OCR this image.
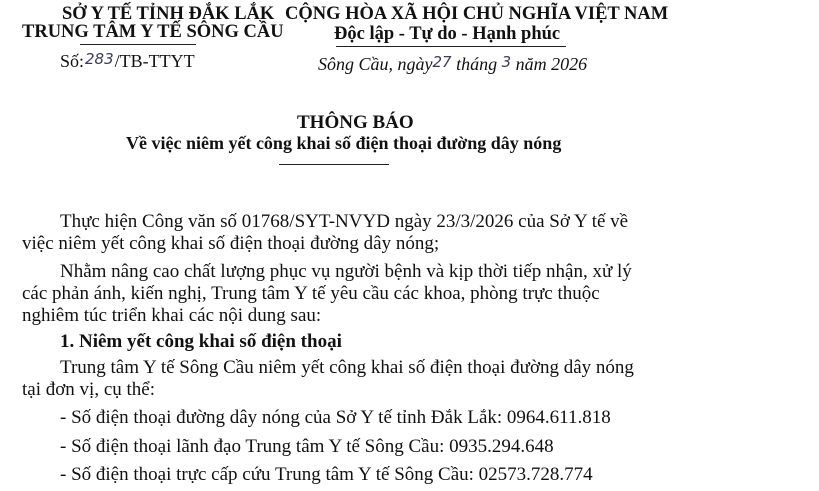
SỞ Y TẾ TỈNH ĐẮK LẮK
TRUNG TÂM Y TẾ SÔNG CẦU
Số:283/TB-TTYT
CỘNG HÒA XÃ HỘI CHỦ NGHĨA VIỆT NAM
Độc lập - Tự do - Hạnh phúc
Sông Cầu, ngày27 tháng 3 năm 2026
THÔNG BÁO
Về việc niêm yết công khai số điện thoại đường dây nóng
Thực hiện Công văn số 01768/SYT-NVYD ngày 23/3/2026 của Sở Y tế về
việc niêm yết công khai số điện thoại đường dây nóng;
Nhằm nâng cao chất lượng phục vụ người bệnh và kịp thời tiếp nhận, xử lý
các phản ánh, kiến nghị, Trung tâm Y tế yêu cầu các khoa, phòng trực thuộc
nghiêm túc triển khai các nội dung sau:
1. Niêm yết công khai số điện thoại
Trung tâm Y tế Sông Cầu niêm yết công khai số điện thoại đường dây nóng
tại đơn vị, cụ thể:
- Số điện thoại đường dây nóng của Sở Y tế tỉnh Đắk Lắk: 0964.611.818
- Số điện thoại lãnh đạo Trung tâm Y tế Sông Cầu: 0935.294.648
- Số điện thoại trực cấp cứu Trung tâm Y tế Sông Cầu: 02573.728.774
